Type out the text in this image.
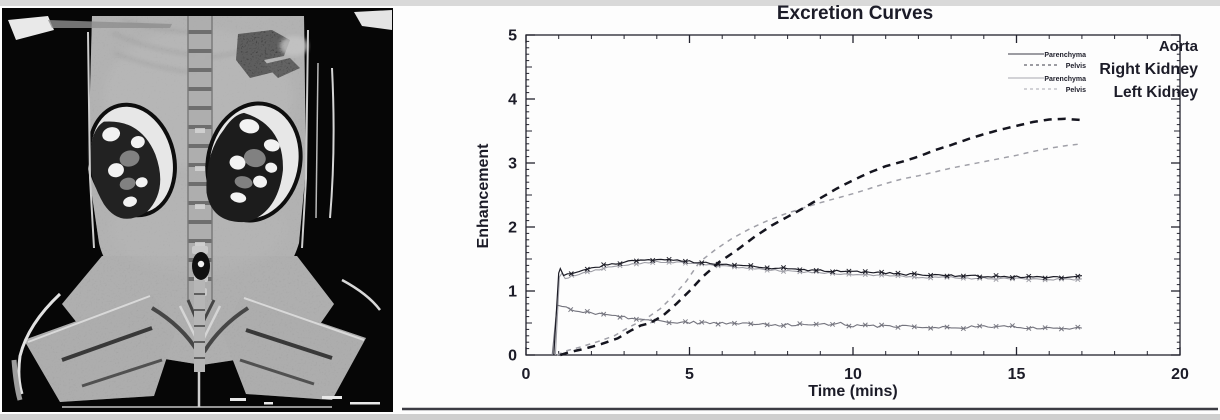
Excretion Curves
Enhancement
Time (mins)
0	5	10	15	20
0
1
2
3
4
5
Aorta
Right Kidney
Left Kidney
Parenchyma
Pelvis
Parenchyma
Pelvis
